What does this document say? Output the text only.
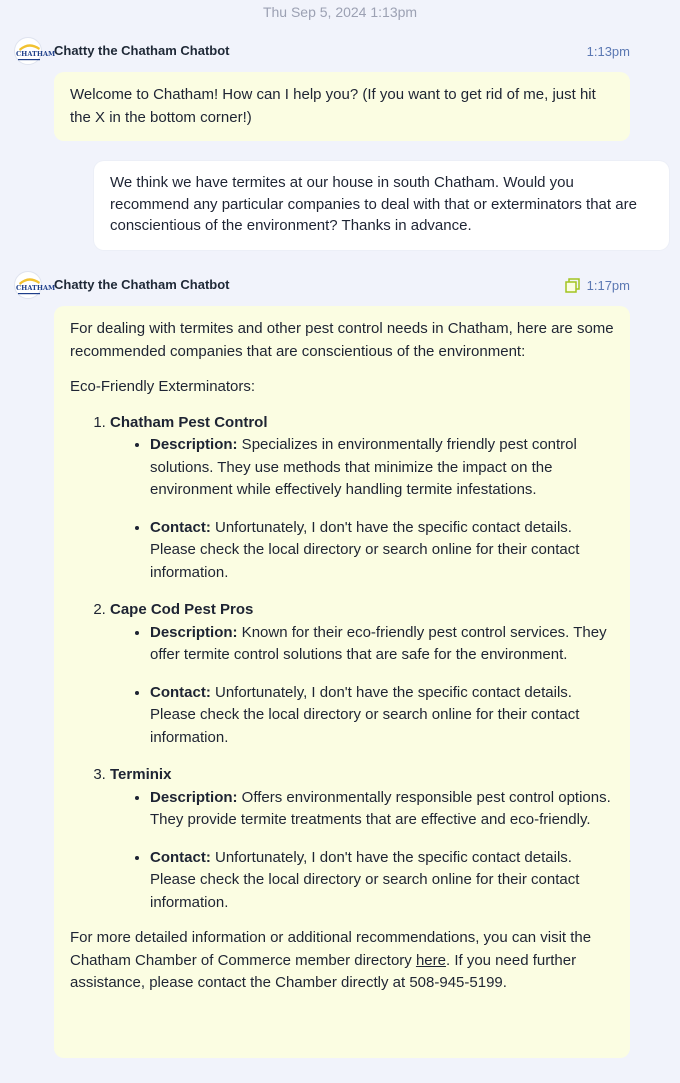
Thu Sep 5, 2024 1:13pm
CHATHAM
Chatty the Chatham Chatbot	1:13pm

Welcome to Chatham! How can I help you? (If you want to get rid of me, just hit the X in the bottom corner!)

We think we have termites at our house in south Chatham. Would you recommend any particular companies to deal with that or exterminators that are conscientious of the environment? Thanks in advance.
CHATHAM
Chatty the Chatham Chatbot	1:17pm

For dealing with termites and other pest control needs in Chatham, here are some recommended companies that are conscientious of the environment:

Eco-Friendly Exterminators:

1. Chatham Pest Control
• Description: Specializes in environmentally friendly pest control solutions. They use methods that minimize the impact on the environment while effectively handling termite infestations.
• Contact: Unfortunately, I don't have the specific contact details. Please check the local directory or search online for their contact information.
2. Cape Cod Pest Pros
• Description: Known for their eco-friendly pest control services. They offer termite control solutions that are safe for the environment.
• Contact: Unfortunately, I don't have the specific contact details. Please check the local directory or search online for their contact information.
3. Terminix
• Description: Offers environmentally responsible pest control options. They provide termite treatments that are effective and eco-friendly.
• Contact: Unfortunately, I don't have the specific contact details. Please check the local directory or search online for their contact information.

For more detailed information or additional recommendations, you can visit the Chatham Chamber of Commerce member directory here. If you need further assistance, please contact the Chamber directly at 508-945-5199.
